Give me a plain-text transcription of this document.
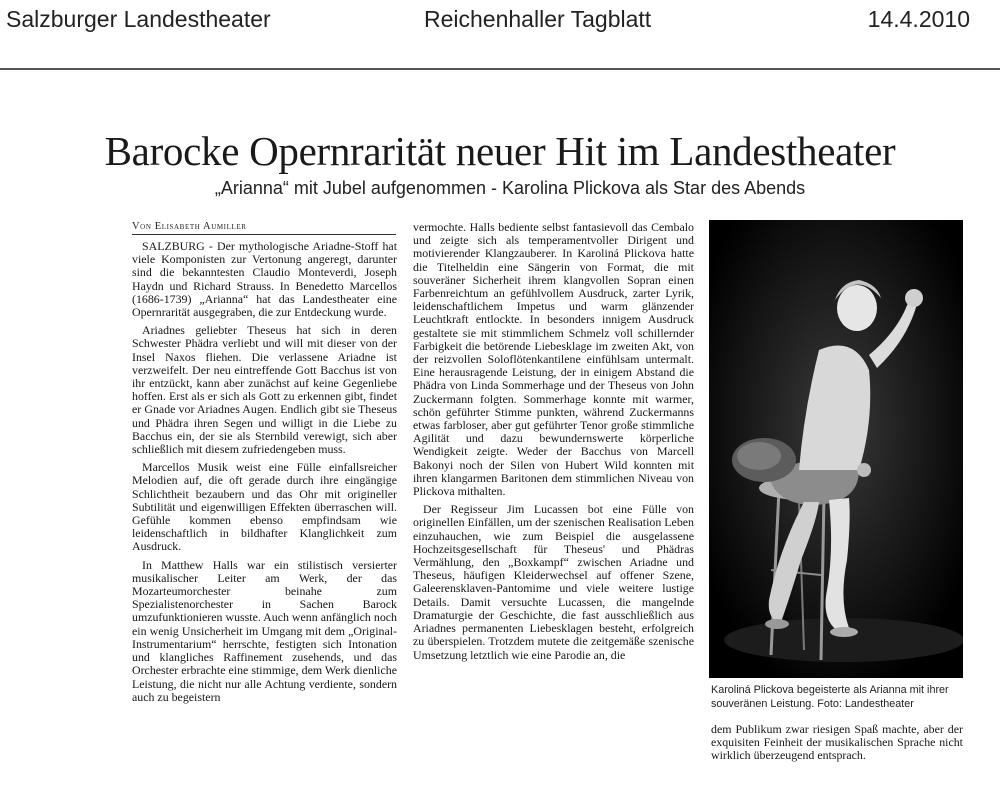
Salzburger Landestheater	Reichenhaller Tagblatt	14.4.2010
Barocke Opernrarität neuer Hit im Landestheater
„Arianna“ mit Jubel aufgenommen - Karolina Plickova als Star des Abends
Von Elisabeth Aumiller

SALZBURG - Der mythologische Ariadne-Stoff hat viele Komponisten zur Vertonung angeregt, darunter sind die bekanntesten Claudio Monteverdi, Joseph Haydn und Richard Strauss. In Benedetto Marcellos (1686-1739) „Arianna“ hat das Landestheater eine Opernrarität ausgegraben, die zur Entdeckung wurde.

Ariadnes geliebter Theseus hat sich in deren Schwester Phädra verliebt und will mit dieser von der Insel Naxos fliehen. Die verlassene Ariadne ist verzweifelt. Der neu eintreffende Gott Bacchus ist von ihr entzückt, kann aber zunächst auf keine Gegenliebe hoffen. Erst als er sich als Gott zu erkennen gibt, findet er Gnade vor Ariadnes Augen. Endlich gibt sie Theseus und Phädra ihren Segen und willigt in die Liebe zu Bacchus ein, der sie als Sternbild verewigt, sich aber schließlich mit diesem zufriedengeben muss.

Marcellos Musik weist eine Fülle einfallsreicher Melodien auf, die oft gerade durch ihre eingängige Schlichtheit bezaubern und das Ohr mit origineller Subtilität und eigenwilligen Effekten überraschen will. Gefühle kommen ebenso empfindsam wie leidenschaftlich in bildhafter Klanglichkeit zum Ausdruck.

In Matthew Halls war ein stilistisch versierter musikalischer Leiter am Werk, der das Mozarteumorchester beinahe zum Spezialistenorchester in Sachen Barock umzufunktionieren wusste. Auch wenn anfänglich noch ein wenig Unsicherheit im Umgang mit dem „Original-Instrumentarium“ herrschte, festigten sich Intonation und klangliches Raffinement zusehends, und das Orchester erbrachte eine stimmige, dem Werk dienliche Leistung, die nicht nur alle Achtung verdiente, sondern auch zu begeistern

vermochte. Halls bediente selbst fantasievoll das Cembalo und zeigte sich als temperamentvoller Dirigent und motivierender Klangzauberer. In Karoliná Plickova hatte die Titelheldin eine Sängerin von Format, die mit souveräner Sicherheit ihrem klangvollen Sopran einen Farbenreichtum an gefühlvollem Ausdruck, zarter Lyrik, leidenschaftlichem Impetus und warm glänzender Leuchtkraft entlockte. In besonders innigem Ausdruck gestaltete sie mit stimmlichem Schmelz voll schillernder Farbigkeit die betörende Liebesklage im zweiten Akt, von der reizvollen Soloflötenkantilene einfühlsam untermalt. Eine herausragende Leistung, der in einigem Abstand die Phädra von Linda Sommerhage und der Theseus von John Zuckermann folgten. Sommerhage konnte mit warmer, schön geführter Stimme punkten, während Zuckermanns etwas farbloser, aber gut geführter Tenor große stimmliche Agilität und dazu bewundernswerte körperliche Wendigkeit zeigte. Weder der Bacchus von Marcell Bakonyi noch der Silen von Hubert Wild konnten mit ihren klangarmen Baritonen dem stimmlichen Niveau von Plickova mithalten.

Der Regisseur Jim Lucassen bot eine Fülle von originellen Einfällen, um der szenischen Realisation Leben einzuhauchen, wie zum Beispiel die ausgelassene Hochzeitsgesellschaft für Theseus' und Phädras Vermählung, den „Boxkampf“ zwischen Ariadne und Theseus, häufigen Kleiderwechsel auf offener Szene, Galeerensklaven-Pantomime und viele weitere lustige Details. Damit versuchte Lucassen, die mangelnde Dramaturgie der Geschichte, die fast ausschließlich aus Ariadnes permanenten Liebesklagen besteht, erfolgreich zu überspielen. Trotzdem mutete die zeitgemäße szenische Umsetzung letztlich wie eine Parodie an, die

Karoliná Plickova begeisterte als Arianna mit ihrer souveränen Leistung. Foto: Landestheater

dem Publikum zwar riesigen Spaß machte, aber der exquisiten Feinheit der musikalischen Sprache nicht wirklich überzeugend entsprach.
